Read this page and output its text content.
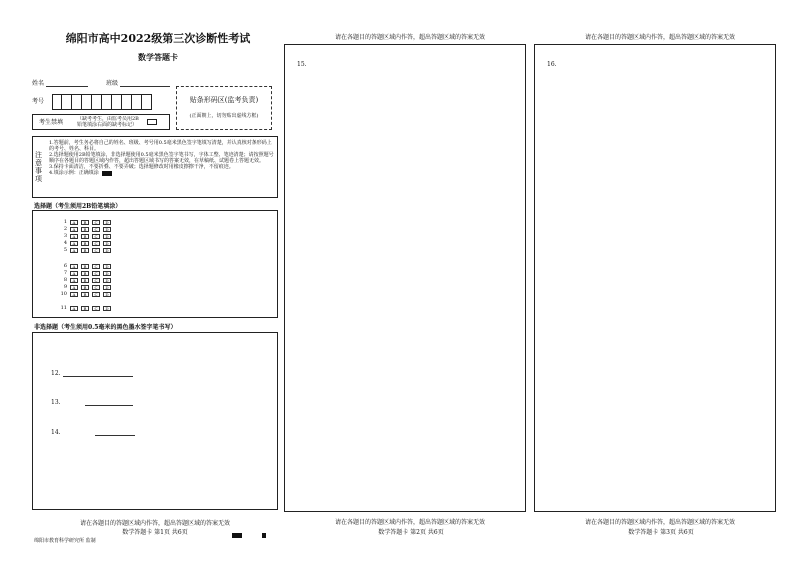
绵阳市高中2022级第三次诊断性考试
数学答题卡
姓名	班级
考号
考生禁填	（缺考考生，由监考员用2B铅笔填涂右面的缺考标记）
贴条形码区(监考负责)
(正面朝上，切勿贴出虚线方框)
注意事项
1.答题前，考生务必将自己的姓名、班级、考号用0.5毫米黑色签字笔填写清楚，并认真核对条形码上的考号、姓名、科目。
2.选择题使用2B铅笔填涂，非选择题使用0.5毫米黑色签字笔书写，字体工整、笔迹清楚；请按照题号顺序在各题目的答题区域内作答，超出答题区域书写的答案无效，在草稿纸、试题卷上答题无效。
3.保持卡面清洁，不要折叠、不要弄破；选择题修改时用橡皮擦擦干净，不留痕迹。
4.填涂示例：正确填涂
选择题（考生须用2B铅笔填涂）
1	A	B	C	D
2	A	B	C	D
3	A	B	C	D
4	A	B	C	D
5	A	B	C	D
6	A	B	C	D
7	A	B	C	D
8	A	B	C	D
9	A	B	C	D
10	A	B	C	D
11	A	B	C	D
非选择题（考生须用0.5毫米的黑色墨水签字笔书写）
12.
13.
14.
请在各题目的答题区域内作答，超出答题区域的答案无效
数学答题卡 第1页 共6页
绵阳市教育科学研究所 监制
请在各题目的答题区域内作答，超出答题区域的答案无效
15.
请在各题目的答题区域内作答，超出答题区域的答案无效
数学答题卡 第2页 共6页
请在各题目的答题区域内作答，超出答题区域的答案无效
16.
请在各题目的答题区域内作答，超出答题区域的答案无效
数学答题卡 第3页 共6页
